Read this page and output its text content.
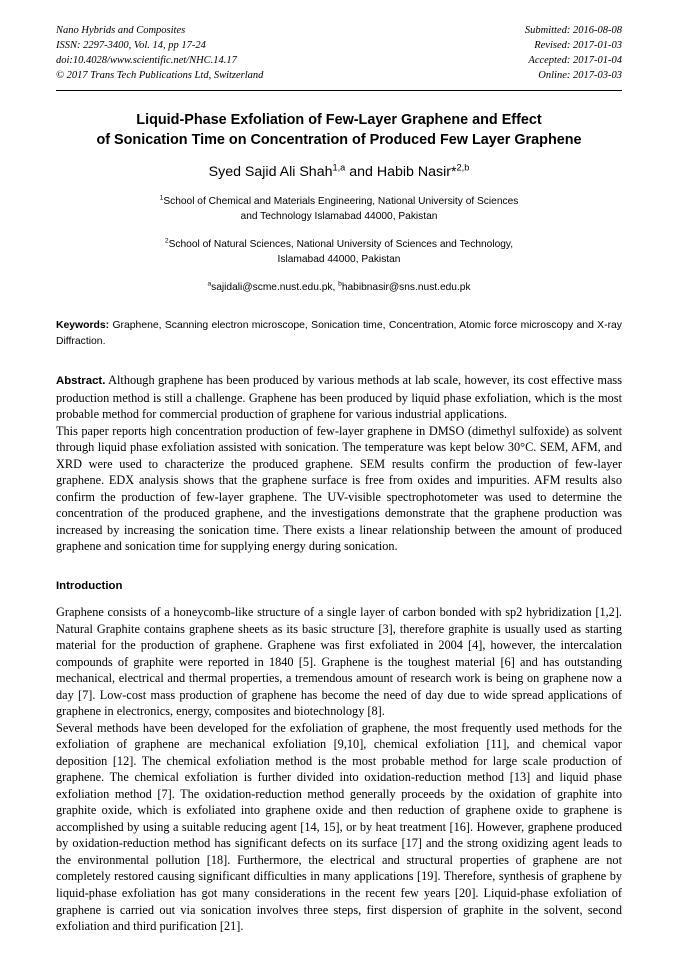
Nano Hybrids and Composites
ISSN: 2297-3400, Vol. 14, pp 17-24
doi:10.4028/www.scientific.net/NHC.14.17
© 2017 Trans Tech Publications Ltd, Switzerland
Submitted: 2016-08-08
Revised: 2017-01-03
Accepted: 2017-01-04
Online: 2017-03-03
Liquid-Phase Exfoliation of Few-Layer Graphene and Effect
of Sonication Time on Concentration of Produced Few Layer Graphene
Syed Sajid Ali Shah$^{1,a}$ and Habib Nasir*$^{2,b}$
$^1$School of Chemical and Materials Engineering, National University of Sciences
and Technology Islamabad 44000, Pakistan
$^2$School of Natural Sciences, National University of Sciences and Technology,
Islamabad 44000, Pakistan
$^a$sajidali@scme.nust.edu.pk, $^b$habibnasir@sns.nust.edu.pk
Keywords: Graphene, Scanning electron microscope, Sonication time, Concentration, Atomic force microscopy and X-ray Diffraction.

Abstract. Although graphene has been produced by various methods at lab scale, however, its cost effective mass production method is still a challenge. Graphene has been produced by liquid phase exfoliation, which is the most probable method for commercial production of graphene for various industrial applications.

This paper reports high concentration production of few-layer graphene in DMSO (dimethyl sulfoxide) as solvent through liquid phase exfoliation assisted with sonication. The temperature was kept below 30°C. SEM, AFM, and XRD were used to characterize the produced graphene. SEM results confirm the production of few-layer graphene. EDX analysis shows that the graphene surface is free from oxides and impurities. AFM results also confirm the production of few-layer graphene. The UV-visible spectrophotometer was used to determine the concentration of the produced graphene, and the investigations demonstrate that the graphene production was increased by increasing the sonication time. There exists a linear relationship between the amount of produced graphene and sonication time for supplying energy during sonication.

Introduction

Graphene consists of a honeycomb-like structure of a single layer of carbon bonded with sp2 hybridization [1,2]. Natural Graphite contains graphene sheets as its basic structure [3], therefore graphite is usually used as starting material for the production of graphene. Graphene was first exfoliated in 2004 [4], however, the intercalation compounds of graphite were reported in 1840 [5]. Graphene is the toughest material [6] and has outstanding mechanical, electrical and thermal properties, a tremendous amount of research work is being on graphene now a day [7]. Low-cost mass production of graphene has become the need of day due to wide spread applications of graphene in electronics, energy, composites and biotechnology [8].

Several methods have been developed for the exfoliation of graphene, the most frequently used methods for the exfoliation of graphene are mechanical exfoliation [9,10], chemical exfoliation [11], and chemical vapor deposition [12]. The chemical exfoliation method is the most probable method for large scale production of graphene. The chemical exfoliation is further divided into oxidation-reduction method [13] and liquid phase exfoliation method [7]. The oxidation-reduction method generally proceeds by the oxidation of graphite into graphite oxide, which is exfoliated into graphene oxide and then reduction of graphene oxide to graphene is accomplished by using a suitable reducing agent [14, 15], or by heat treatment [16]. However, graphene produced by oxidation-reduction method has significant defects on its surface [17] and the strong oxidizing agent leads to the environmental pollution [18]. Furthermore, the electrical and structural properties of graphene are not completely restored causing significant difficulties in many applications [19]. Therefore, synthesis of graphene by liquid-phase exfoliation has got many considerations in the recent few years [20]. Liquid-phase exfoliation of graphene is carried out via sonication involves three steps, first dispersion of graphite in the solvent, second exfoliation and third purification [21].
